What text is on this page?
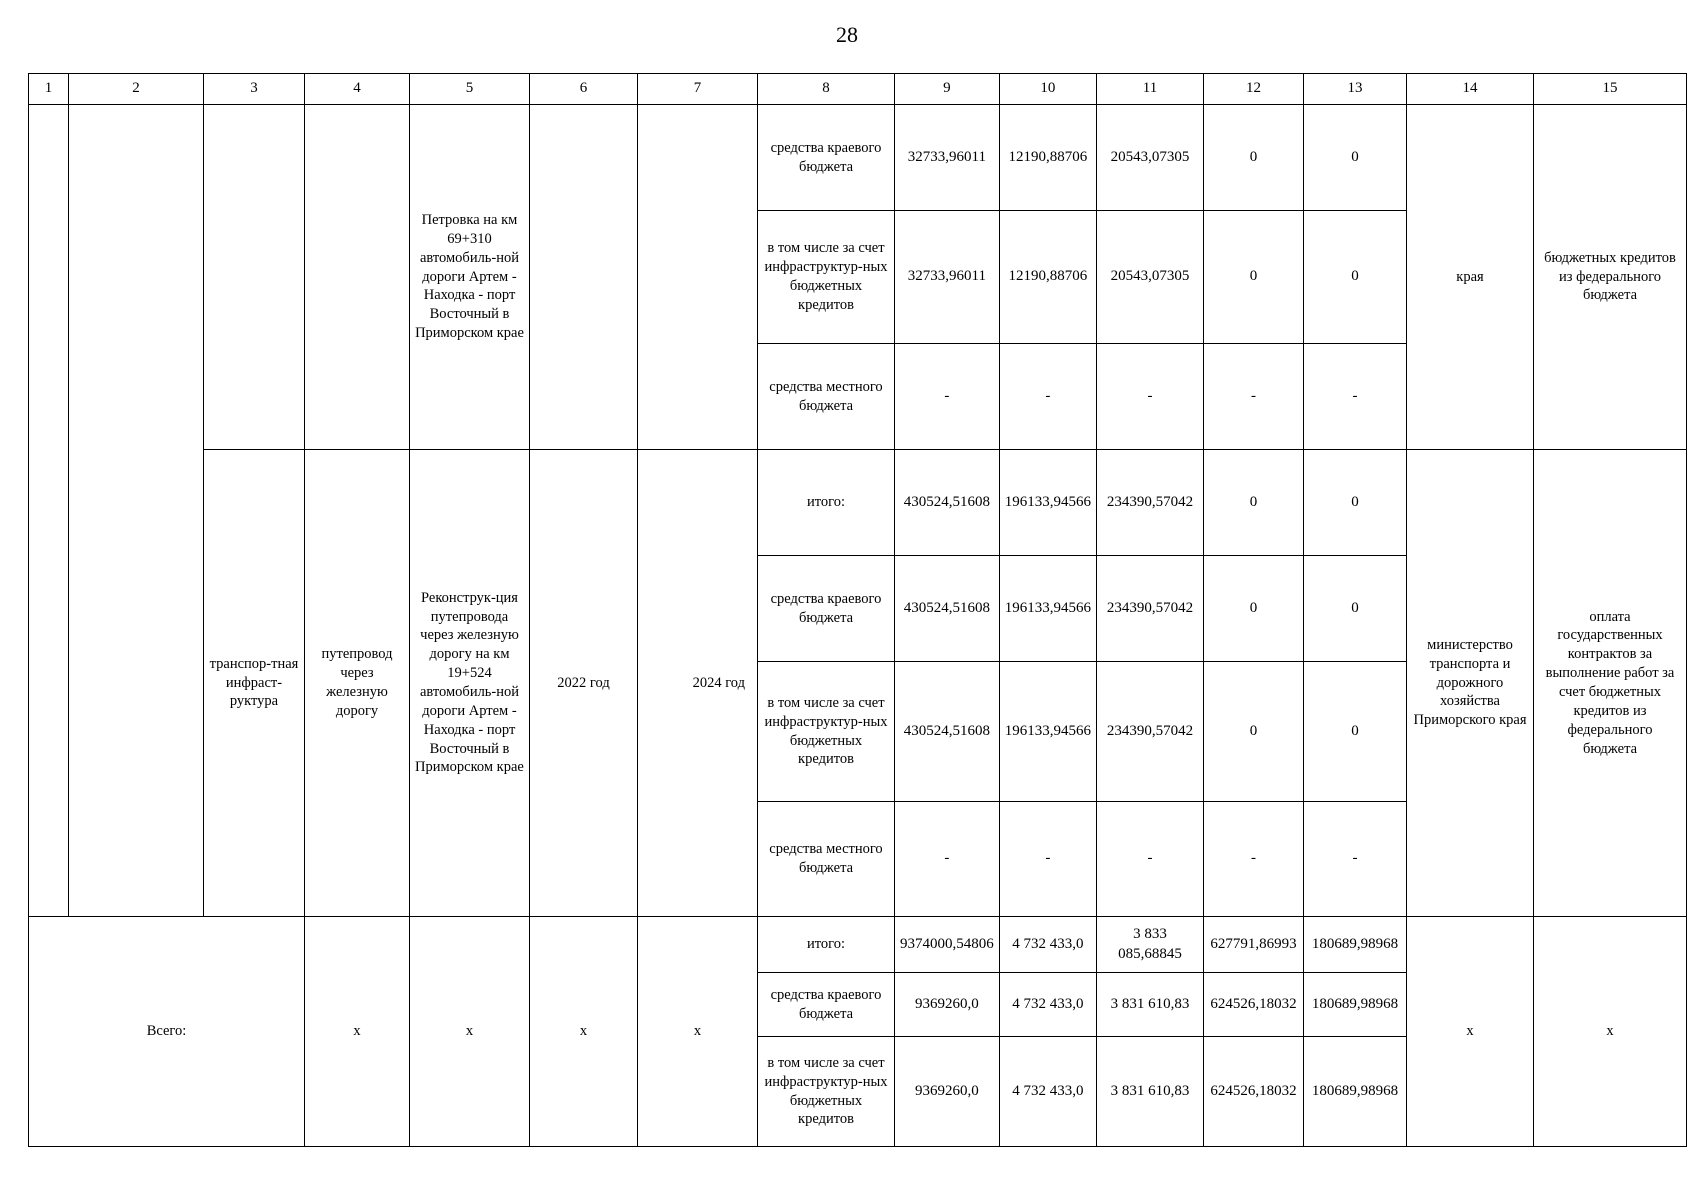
28
1	2	3	4	5	6	7	8	9	10	11	12	13	14	15
				Петровка на км 69+310 автомобиль-ной дороги Артем - Находка - порт Восточный в Приморском крае			средства краевого бюджета	32733,96011	12190,88706	20543,07305	0	0	края	бюджетных кредитов из федерального бюджета
							в том числе за счет инфраструктур-ных бюджетных кредитов	32733,96011	12190,88706	20543,07305	0	0		
							средства местного бюджета	-	-	-	-	-		
		транспор-тная инфраст-руктура	путепровод через железную дорогу	Реконструк-ция путепровода через железную дорогу на км 19+524 автомобиль-ной дороги Артем - Находка - порт Восточный в Приморском крае	2022 год	2024 год	итого:	430524,51608	196133,94566	234390,57042	0	0	министерство транспорта и дорожного хозяйства Приморского края	оплата государственных контрактов за выполнение работ за счет бюджетных кредитов из федерального бюджета
							средства краевого бюджета	430524,51608	196133,94566	234390,57042	0	0		
							в том числе за счет инфраструктур-ных бюджетных кредитов	430524,51608	196133,94566	234390,57042	0	0		
							средства местного бюджета	-	-	-	-	-		
Всего:			x	x	x	x	итого:	9374000,54806	4 732 433,0	3 833 085,68845	627791,86993	180689,98968	x	x
							средства краевого бюджета	9369260,0	4 732 433,0	3 831 610,83	624526,18032	180689,98968		
							в том числе за счет инфраструктур-ных бюджетных кредитов	9369260,0	4 732 433,0	3 831 610,83	624526,18032	180689,98968		
